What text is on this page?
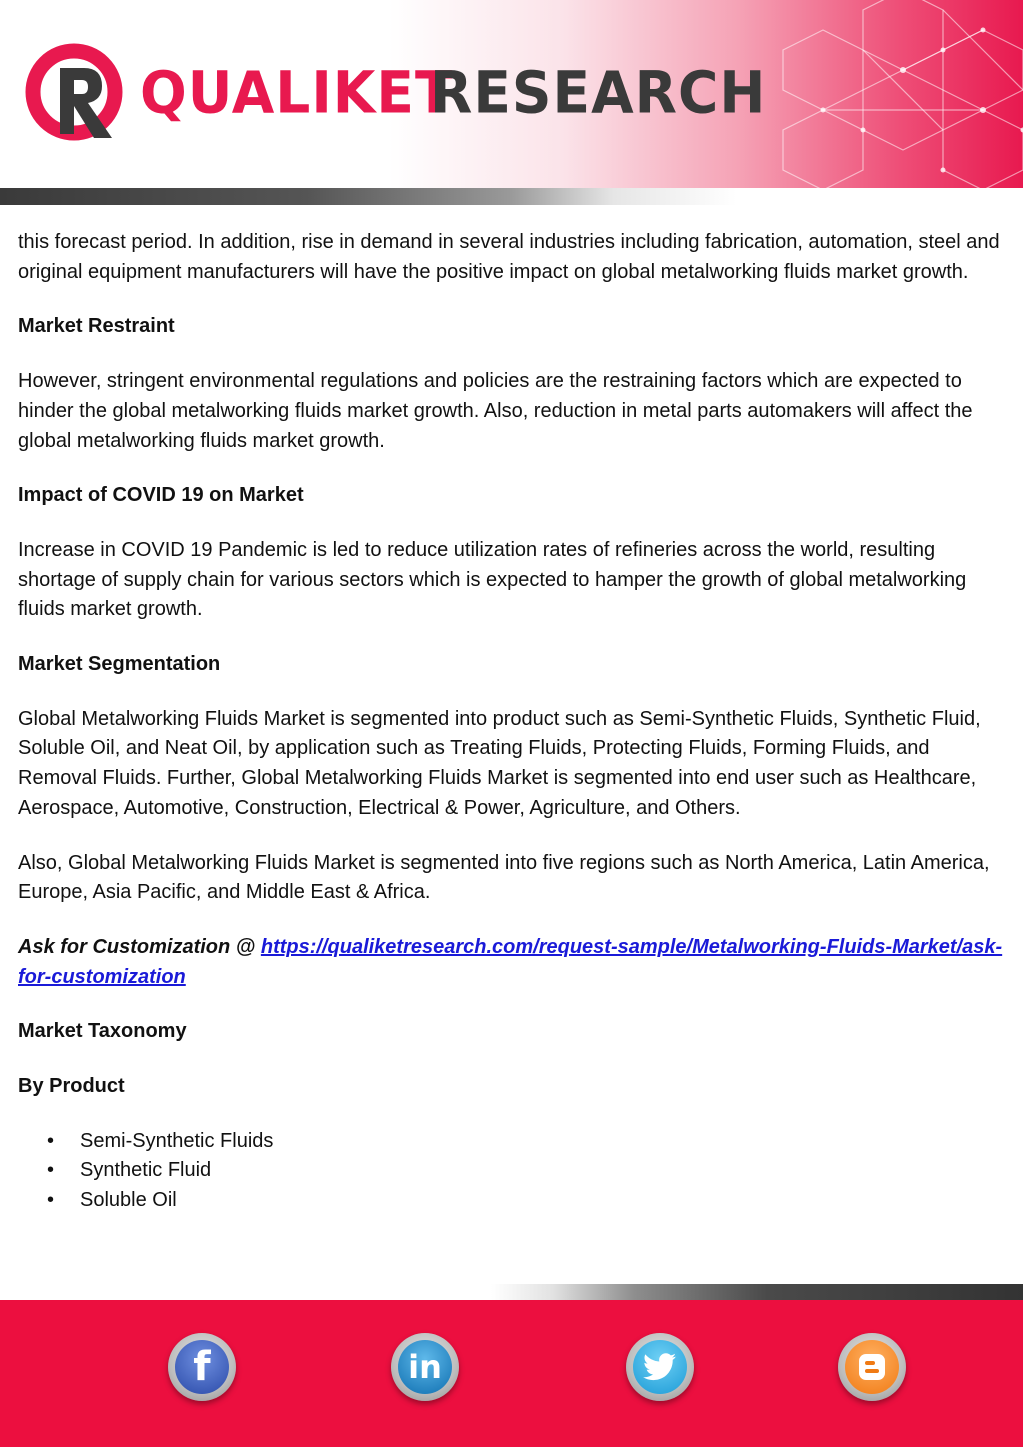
QUALIKET
RESEARCH

this forecast period. In addition, rise in demand in several industries including fabrication, automation, steel and original equipment manufacturers will have the positive impact on global metalworking fluids market growth.

Market Restraint

However, stringent environmental regulations and policies are the restraining factors which are expected to hinder the global metalworking fluids market growth. Also, reduction in metal parts automakers will affect the global metalworking fluids market growth.

Impact of COVID 19 on Market

Increase in COVID 19 Pandemic is led to reduce utilization rates of refineries across the world, resulting shortage of supply chain for various sectors which is expected to hamper the growth of global metalworking fluids market growth.

Market Segmentation

Global Metalworking Fluids Market is segmented into product such as Semi-Synthetic Fluids, Synthetic Fluid, Soluble Oil, and Neat Oil, by application such as Treating Fluids, Protecting Fluids, Forming Fluids, and Removal Fluids. Further, Global Metalworking Fluids Market is segmented into end user such as Healthcare, Aerospace, Automotive, Construction, Electrical & Power, Agriculture, and Others.

Also, Global Metalworking Fluids Market is segmented into five regions such as North America, Latin America, Europe, Asia Pacific, and Middle East & Africa.

Ask for Customization @ https://qualiketresearch.com/request-sample/Metalworking-Fluids-Market/ask-for-customization

Market Taxonomy
By Product
• Semi-Synthetic Fluids
• Synthetic Fluid
• Soluble Oil
f	in
